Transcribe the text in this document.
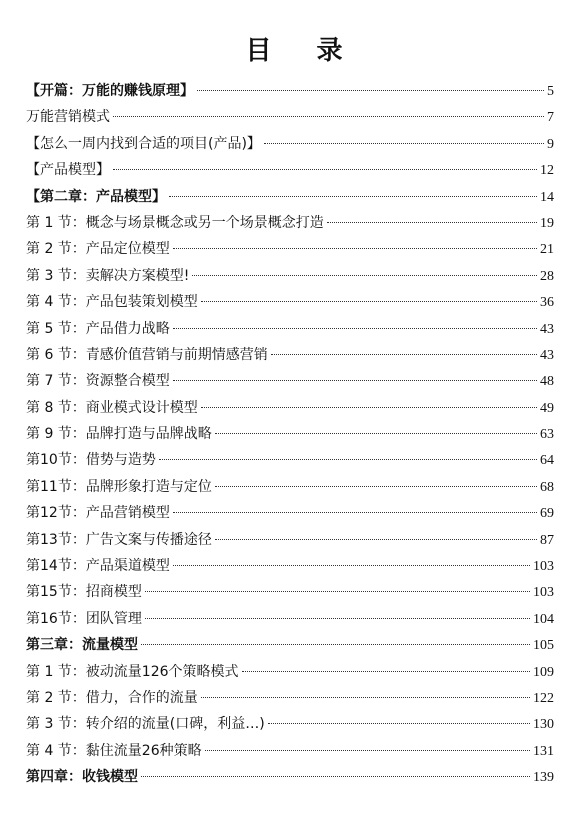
目 录
【开篇：万能的赚钱原理】	5
万能营销模式	7
【怎么一周内找到合适的项目(产品)】	9
【产品模型】	12
【第二章：产品模型】	14
第 1 节：概念与场景概念或另一个场景概念打造	19
第 2 节：产品定位模型	21
第 3 节：卖解决方案模型!	28
第 4 节：产品包装策划模型	36
第 5 节：产品借力战略	43
第 6 节：青感价值营销与前期情感营销	43
第 7 节：资源整合模型	48
第 8 节：商业模式设计模型	49
第 9 节：品牌打造与品牌战略	63
第10节：借势与造势	64
第11节：品牌形象打造与定位	68
第12节：产品营销模型	69
第13节：广告文案与传播途径	87
第14节：产品渠道模型	103
第15节：招商模型	103
第16节：团队管理	104
第三章：流量模型	105
第 1 节：被动流量126个策略模式	109
第 2 节：借力，合作的流量	122
第 3 节：转介绍的流量(口碑，利益…)	130
第 4 节：黏住流量26种策略	131
第四章：收钱模型	139
